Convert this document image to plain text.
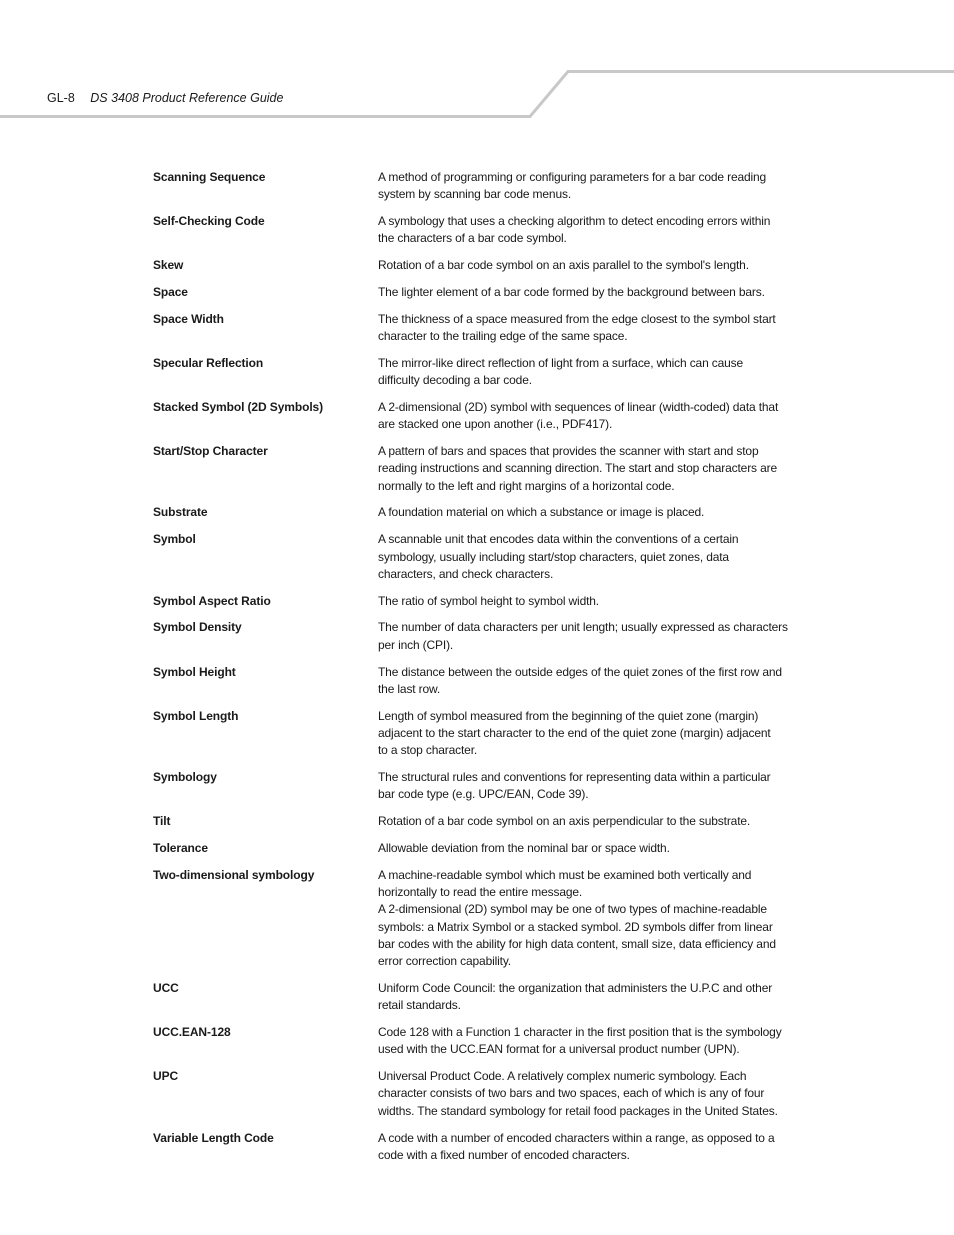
GL-8 DS 3408 Product Reference Guide
Scanning Sequence	A method of programming or configuring parameters for a bar code reading
system by scanning bar code menus.
Self-Checking Code	A symbology that uses a checking algorithm to detect encoding errors within
the characters of a bar code symbol.
Skew	Rotation of a bar code symbol on an axis parallel to the symbol's length.
Space	The lighter element of a bar code formed by the background between bars.
Space Width	The thickness of a space measured from the edge closest to the symbol start
character to the trailing edge of the same space.
Specular Reflection	The mirror-like direct reflection of light from a surface, which can cause
difficulty decoding a bar code.
Stacked Symbol (2D Symbols)	A 2-dimensional (2D) symbol with sequences of linear (width-coded) data that
are stacked one upon another (i.e., PDF417).
Start/Stop Character	A pattern of bars and spaces that provides the scanner with start and stop
reading instructions and scanning direction. The start and stop characters are
normally to the left and right margins of a horizontal code.
Substrate	A foundation material on which a substance or image is placed.
Symbol	A scannable unit that encodes data within the conventions of a certain
symbology, usually including start/stop characters, quiet zones, data
characters, and check characters.
Symbol Aspect Ratio	The ratio of symbol height to symbol width.
Symbol Density	The number of data characters per unit length; usually expressed as characters
per inch (CPI).
Symbol Height	The distance between the outside edges of the quiet zones of the first row and
the last row.
Symbol Length	Length of symbol measured from the beginning of the quiet zone (margin)
adjacent to the start character to the end of the quiet zone (margin) adjacent
to a stop character.
Symbology	The structural rules and conventions for representing data within a particular
bar code type (e.g. UPC/EAN, Code 39).
Tilt	Rotation of a bar code symbol on an axis perpendicular to the substrate.
Tolerance	Allowable deviation from the nominal bar or space width.
Two-dimensional symbology	A machine-readable symbol which must be examined both vertically and
horizontally to read the entire message.
A 2-dimensional (2D) symbol may be one of two types of machine-readable
symbols: a Matrix Symbol or a stacked symbol. 2D symbols differ from linear
bar codes with the ability for high data content, small size, data efficiency and
error correction capability.
UCC	Uniform Code Council: the organization that administers the U.P.C and other
retail standards.
UCC.EAN-128	Code 128 with a Function 1 character in the first position that is the symbology
used with the UCC.EAN format for a universal product number (UPN).
UPC	Universal Product Code. A relatively complex numeric symbology. Each
character consists of two bars and two spaces, each of which is any of four
widths. The standard symbology for retail food packages in the United States.
Variable Length Code	A code with a number of encoded characters within a range, as opposed to a
code with a fixed number of encoded characters.
